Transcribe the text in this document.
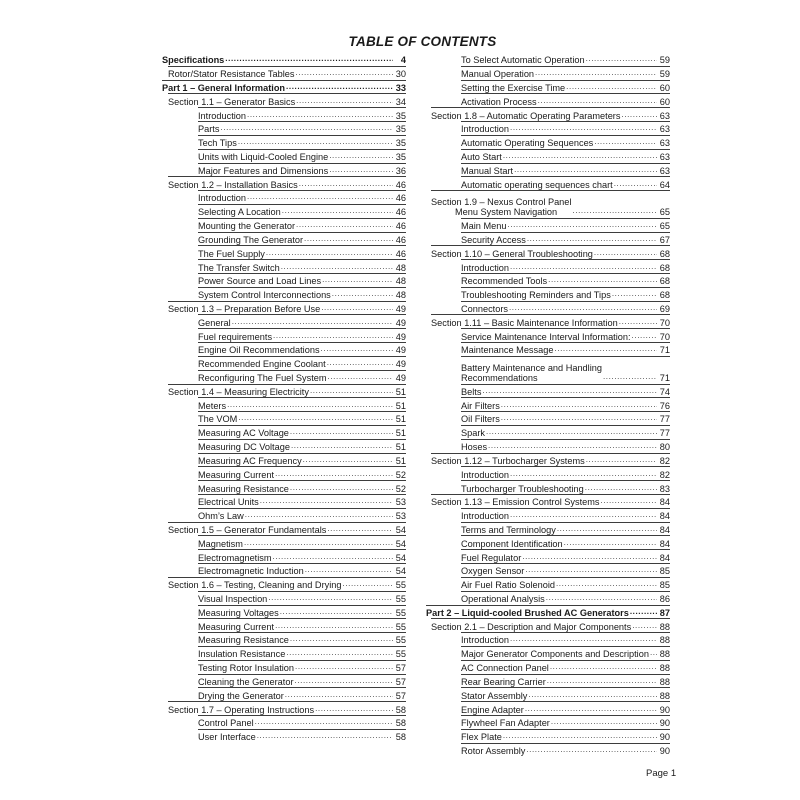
TABLE OF CONTENTS
Specifications .....	4
Rotor/Stator Resistance Tables .....	30
Part 1 – General Information .....	33
Section 1.1 – Generator Basics .....	34
Introduction .....	35
Parts .....	35
Tech Tips .....	35
Units with Liquid-Cooled Engine .....	35
Major Features and Dimensions .....	36
Section 1.2 – Installation Basics .....	46
Introduction .....	46
Selecting A Location .....	46
Mounting the Generator .....	46
Grounding The Generator .....	46
The Fuel Supply .....	46
The Transfer Switch .....	48
Power Source and Load Lines .....	48
System Control Interconnections .....	48
Section 1.3 – Preparation Before Use .....	49
General .....	49
Fuel requirements .....	49
Engine Oil Recommendations .....	49
Recommended Engine Coolant .....	49
Reconfiguring The Fuel System .....	49
Section 1.4 – Measuring Electricity .....	51
Meters .....	51
The VOM .....	51
Measuring AC Voltage .....	51
Measuring DC Voltage .....	51
Measuring AC Frequency .....	51
Measuring Current .....	52
Measuring Resistance .....	52
Electrical Units .....	53
Ohm’s Law .....	53
Section 1.5 – Generator Fundamentals .....	54
Magnetism .....	54
Electromagnetism .....	54
Electromagnetic Induction .....	54
Section 1.6 – Testing, Cleaning and Drying .....	55
Visual Inspection .....	55
Measuring Voltages .....	55
Measuring Current .....	55
Measuring Resistance .....	55
Insulation Resistance .....	55
Testing Rotor Insulation .....	57
Cleaning the Generator .....	57
Drying the Generator .....	57
Section 1.7 – Operating Instructions .....	58
Control Panel .....	58
User Interface .....	58
To Select Automatic Operation .....	59
Manual Operation .....	59
Setting the Exercise Time .....	60
Activation Process .....	60
Section 1.8 – Automatic Operating Parameters .....	63
Introduction .....	63
Automatic Operating Sequences .....	63
Auto Start .....	63
Manual Start .....	63
Automatic operating sequences chart .....	64
Section 1.9 – Nexus Control Panel
Menu System Navigation .....	65
Main Menu .....	65
Security Access .....	67
Section 1.10 – General Troubleshooting .....	68
Introduction .....	68
Recommended Tools .....	68
Troubleshooting Reminders and Tips .....	68
Connectors .....	69
Section 1.11 – Basic Maintenance Information .....	70
Service Maintenance Interval Information: .....	70
Maintenance Message .....	71
Battery Maintenance and Handling
Recommendations .....	71
Belts .....	74
Air Filters .....	76
Oil Filters .....	77
Spark .....	77
Hoses .....	80
Section 1.12 – Turbocharger Systems .....	82
Introduction .....	82
Turbocharger Troubleshooting .....	83
Section 1.13 – Emission Control Systems .....	84
Introduction .....	84
Terms and Terminology .....	84
Component Identification .....	84
Fuel Regulator .....	84
Oxygen Sensor .....	85
Air Fuel Ratio Solenoid .....	85
Operational Analysis .....	86
Part 2 – Liquid-cooled Brushed AC Generators .....	87
Section 2.1 – Description and Major Components .....	88
Introduction .....	88
Major Generator Components and Description ..... 88
AC Connection Panel .....	88
Rear Bearing Carrier .....	88
Stator Assembly .....	88
Engine Adapter .....	90
Flywheel Fan Adapter .....	90
Flex Plate .....	90
Rotor Assembly .....	90
Page 1
